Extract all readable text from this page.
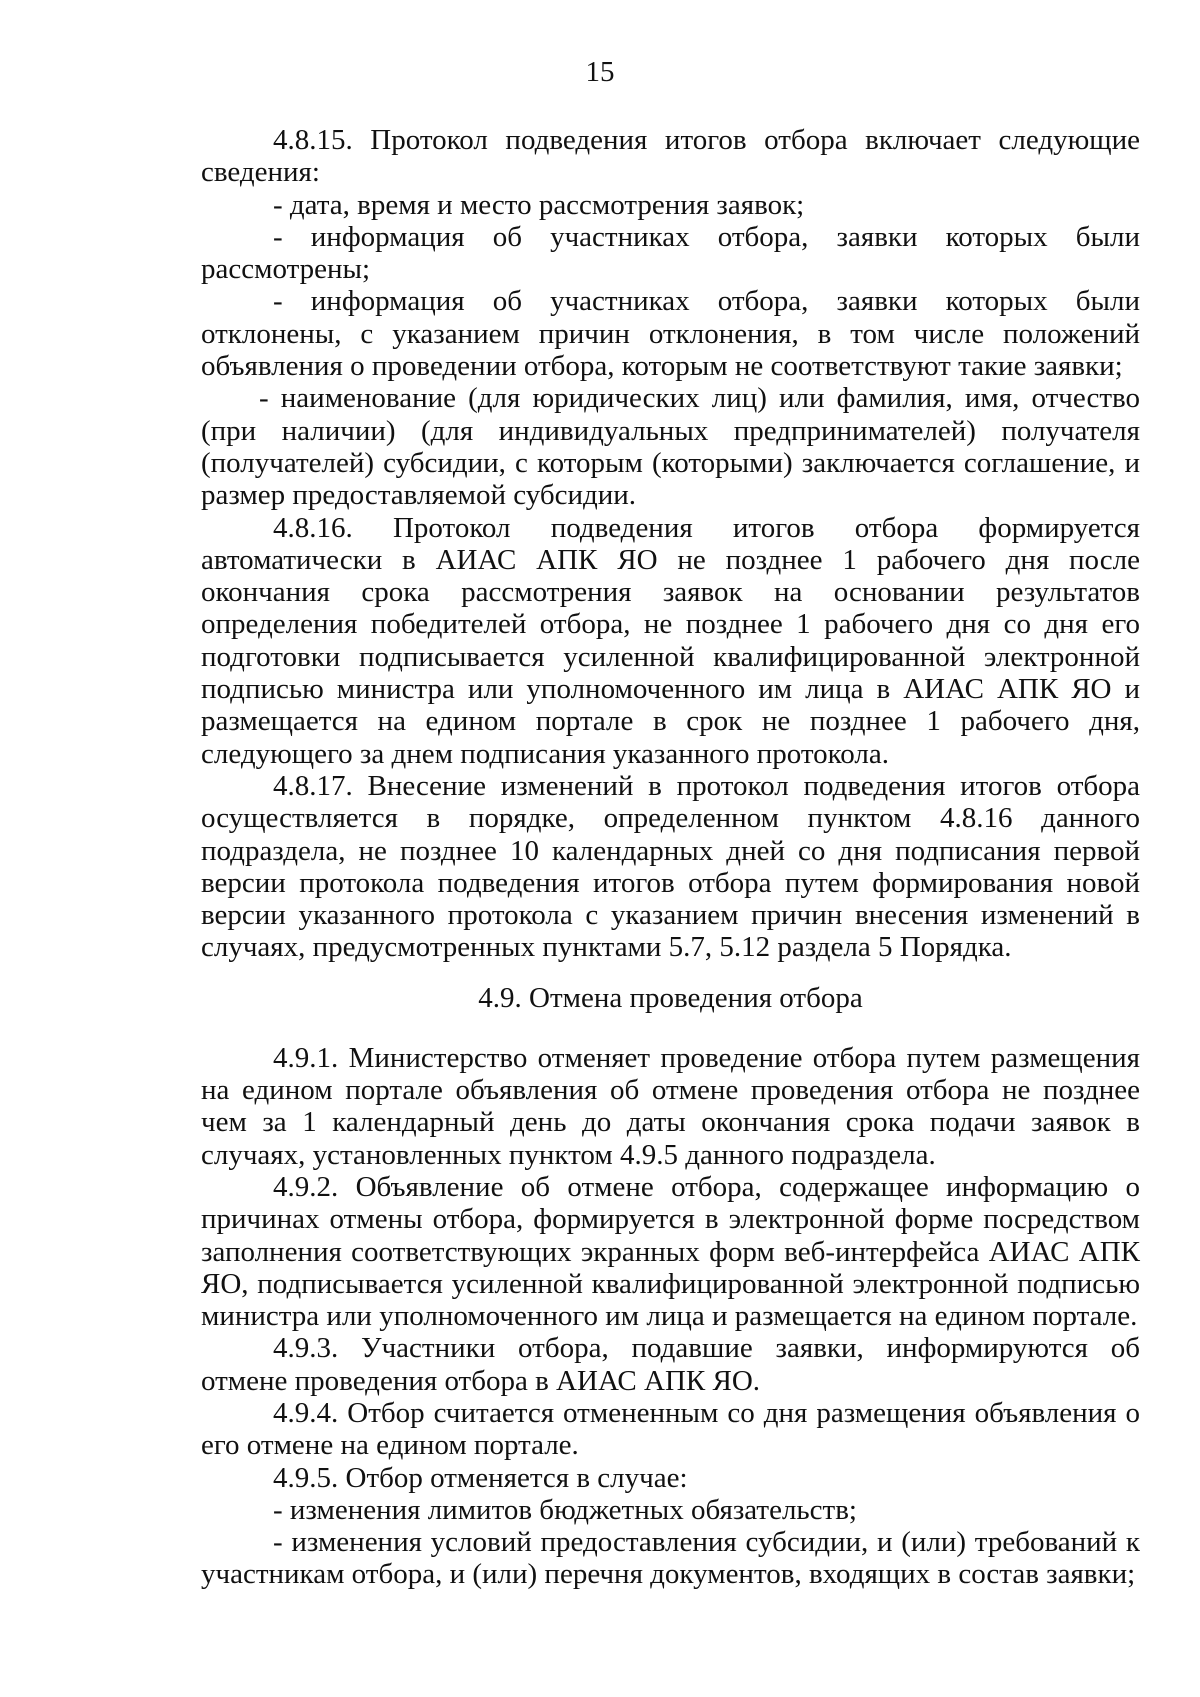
15

4.8.15. Протокол подведения итогов отбора включает следующие сведения:

- дата, время и место рассмотрения заявок;

- информация об участниках отбора, заявки которых были рассмотрены;

- информация об участниках отбора, заявки которых были отклонены, с указанием причин отклонения, в том числе положений объявления о проведении отбора, которым не соответствуют такие заявки;

- наименование (для юридических лиц) или фамилия, имя, отчество (при наличии) (для индивидуальных предпринимателей) получателя (получателей) субсидии, с которым (которыми) заключается соглашение, и размер предоставляемой субсидии.

4.8.16. Протокол подведения итогов отбора формируется автоматически в АИАС АПК ЯО не позднее 1 рабочего дня после окончания срока рассмотрения заявок на основании результатов определения победителей отбора, не позднее 1 рабочего дня со дня его подготовки подписывается усиленной квалифицированной электронной подписью министра или уполномоченного им лица в АИАС АПК ЯО и размещается на едином портале в срок не позднее 1 рабочего дня, следующего за днем подписания указанного протокола.

4.8.17. Внесение изменений в протокол подведения итогов отбора осуществляется в порядке, определенном пунктом 4.8.16 данного подраздела, не позднее 10 календарных дней со дня подписания первой версии протокола подведения итогов отбора путем формирования новой версии указанного протокола с указанием причин внесения изменений в случаях, предусмотренных пунктами 5.7, 5.12 раздела 5 Порядка.

4.9. Отмена проведения отбора

4.9.1. Министерство отменяет проведение отбора путем размещения на едином портале объявления об отмене проведения отбора не позднее чем за 1 календарный день до даты окончания срока подачи заявок в случаях, установленных пунктом 4.9.5 данного подраздела.

4.9.2. Объявление об отмене отбора, содержащее информацию о причинах отмены отбора, формируется в электронной форме посредством заполнения соответствующих экранных форм веб-интерфейса АИАС АПК ЯО, подписывается усиленной квалифицированной электронной подписью министра или уполномоченного им лица и размещается на едином портале.

4.9.3. Участники отбора, подавшие заявки, информируются об отмене проведения отбора в АИАС АПК ЯО.

4.9.4. Отбор считается отмененным со дня размещения объявления о его отмене на едином портале.

4.9.5. Отбор отменяется в случае:

- изменения лимитов бюджетных обязательств;

- изменения условий предоставления субсидии, и (или) требований к участникам отбора, и (или) перечня документов, входящих в состав заявки;
